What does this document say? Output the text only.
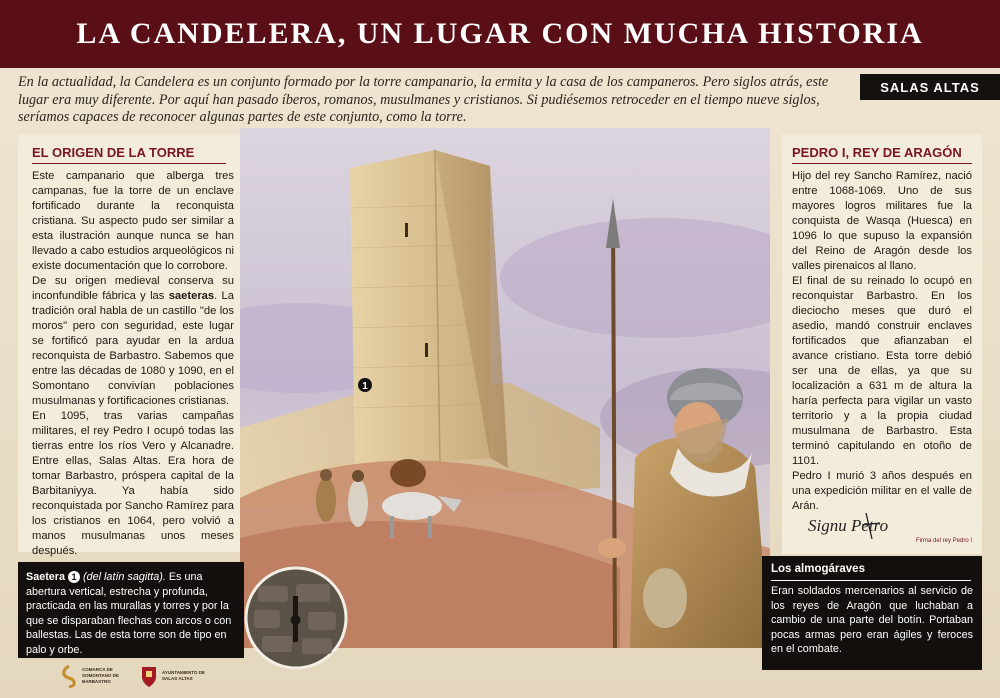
LA CANDELERA, UN LUGAR CON MUCHA HISTORIA

En la actualidad, la Candelera es un conjunto formado por la torre campanario, la ermita y la casa de los campaneros. Pero siglos atrás, este lugar era muy diferente. Por aquí han pasado íberos, romanos, musulmanes y cristianos. Si pudiésemos retroceder en el tiempo nueve siglos, seríamos capaces de reconocer algunas partes de este conjunto, como la torre.

SALAS ALTAS
1
EL ORIGEN DE LA TORRE

Este campanario que alberga tres campanas, fue la torre de un enclave fortificado durante la reconquista cristiana. Su aspecto pudo ser similar a esta ilustración aunque nunca se han llevado a cabo estudios arqueológicos ni existe documentación que lo corrobore.
De su origen medieval conserva su inconfundible fábrica y las saeteras. La tradición oral habla de un castillo "de los moros" pero con seguridad, este lugar se fortificó para ayudar en la ardua reconquista de Barbastro. Sabemos que entre las décadas de 1080 y 1090, en el Somontano convivían poblaciones musulmanas y fortificaciones cristianas.
En 1095, tras varias campañas militares, el rey Pedro I ocupó todas las tierras entre los ríos Vero y Alcanadre. Entre ellas, Salas Altas. Era hora de tomar Barbastro, próspera capital de la Barbitaniyya. Ya había sido reconquistada por Sancho Ramírez para los cristianos en 1064, pero volvió a manos musulmanas unos meses después.

Saetera 1 (del latín sagitta). Es una abertura vertical, estrecha y profunda, practicada en las murallas y torres y por la que se disparaban flechas con arcos o con ballestas. Las de esta torre son de tipo en palo y orbe.

PEDRO I, REY DE ARAGÓN

Hijo del rey Sancho Ramírez, nació entre 1068-1069. Uno de sus mayores logros militares fue la conquista de Wasqa (Huesca) en 1096 lo que supuso la expansión del Reino de Aragón desde los valles pirenaicos al llano.
El final de su reinado lo ocupó en reconquistar Barbastro. En los dieciocho meses que duró el asedio, mandó construir enclaves fortificados que afianzaban el avance cristiano. Esta torre debió ser una de ellas, ya que su localización a 631 m de altura la haría perfecta para vigilar un vasto territorio y a la propia ciudad musulmana de Barbastro. Esta terminó capitulando en otoño de 1101.
Pedro I murió 3 años después en una expedición militar en el valle de Arán.

Signu Petro
Firma del rey Pedro I

Los almogáraves

Eran soldados mercenarios al servicio de los reyes de Aragón que luchaban a cambio de una parte del botín. Portaban pocas armas pero eran ágiles y feroces en el combate.

COMARCA DE SOMONTANO DE BARBASTRO
AYUNTAMIENTO DE SALAS ALTAS
